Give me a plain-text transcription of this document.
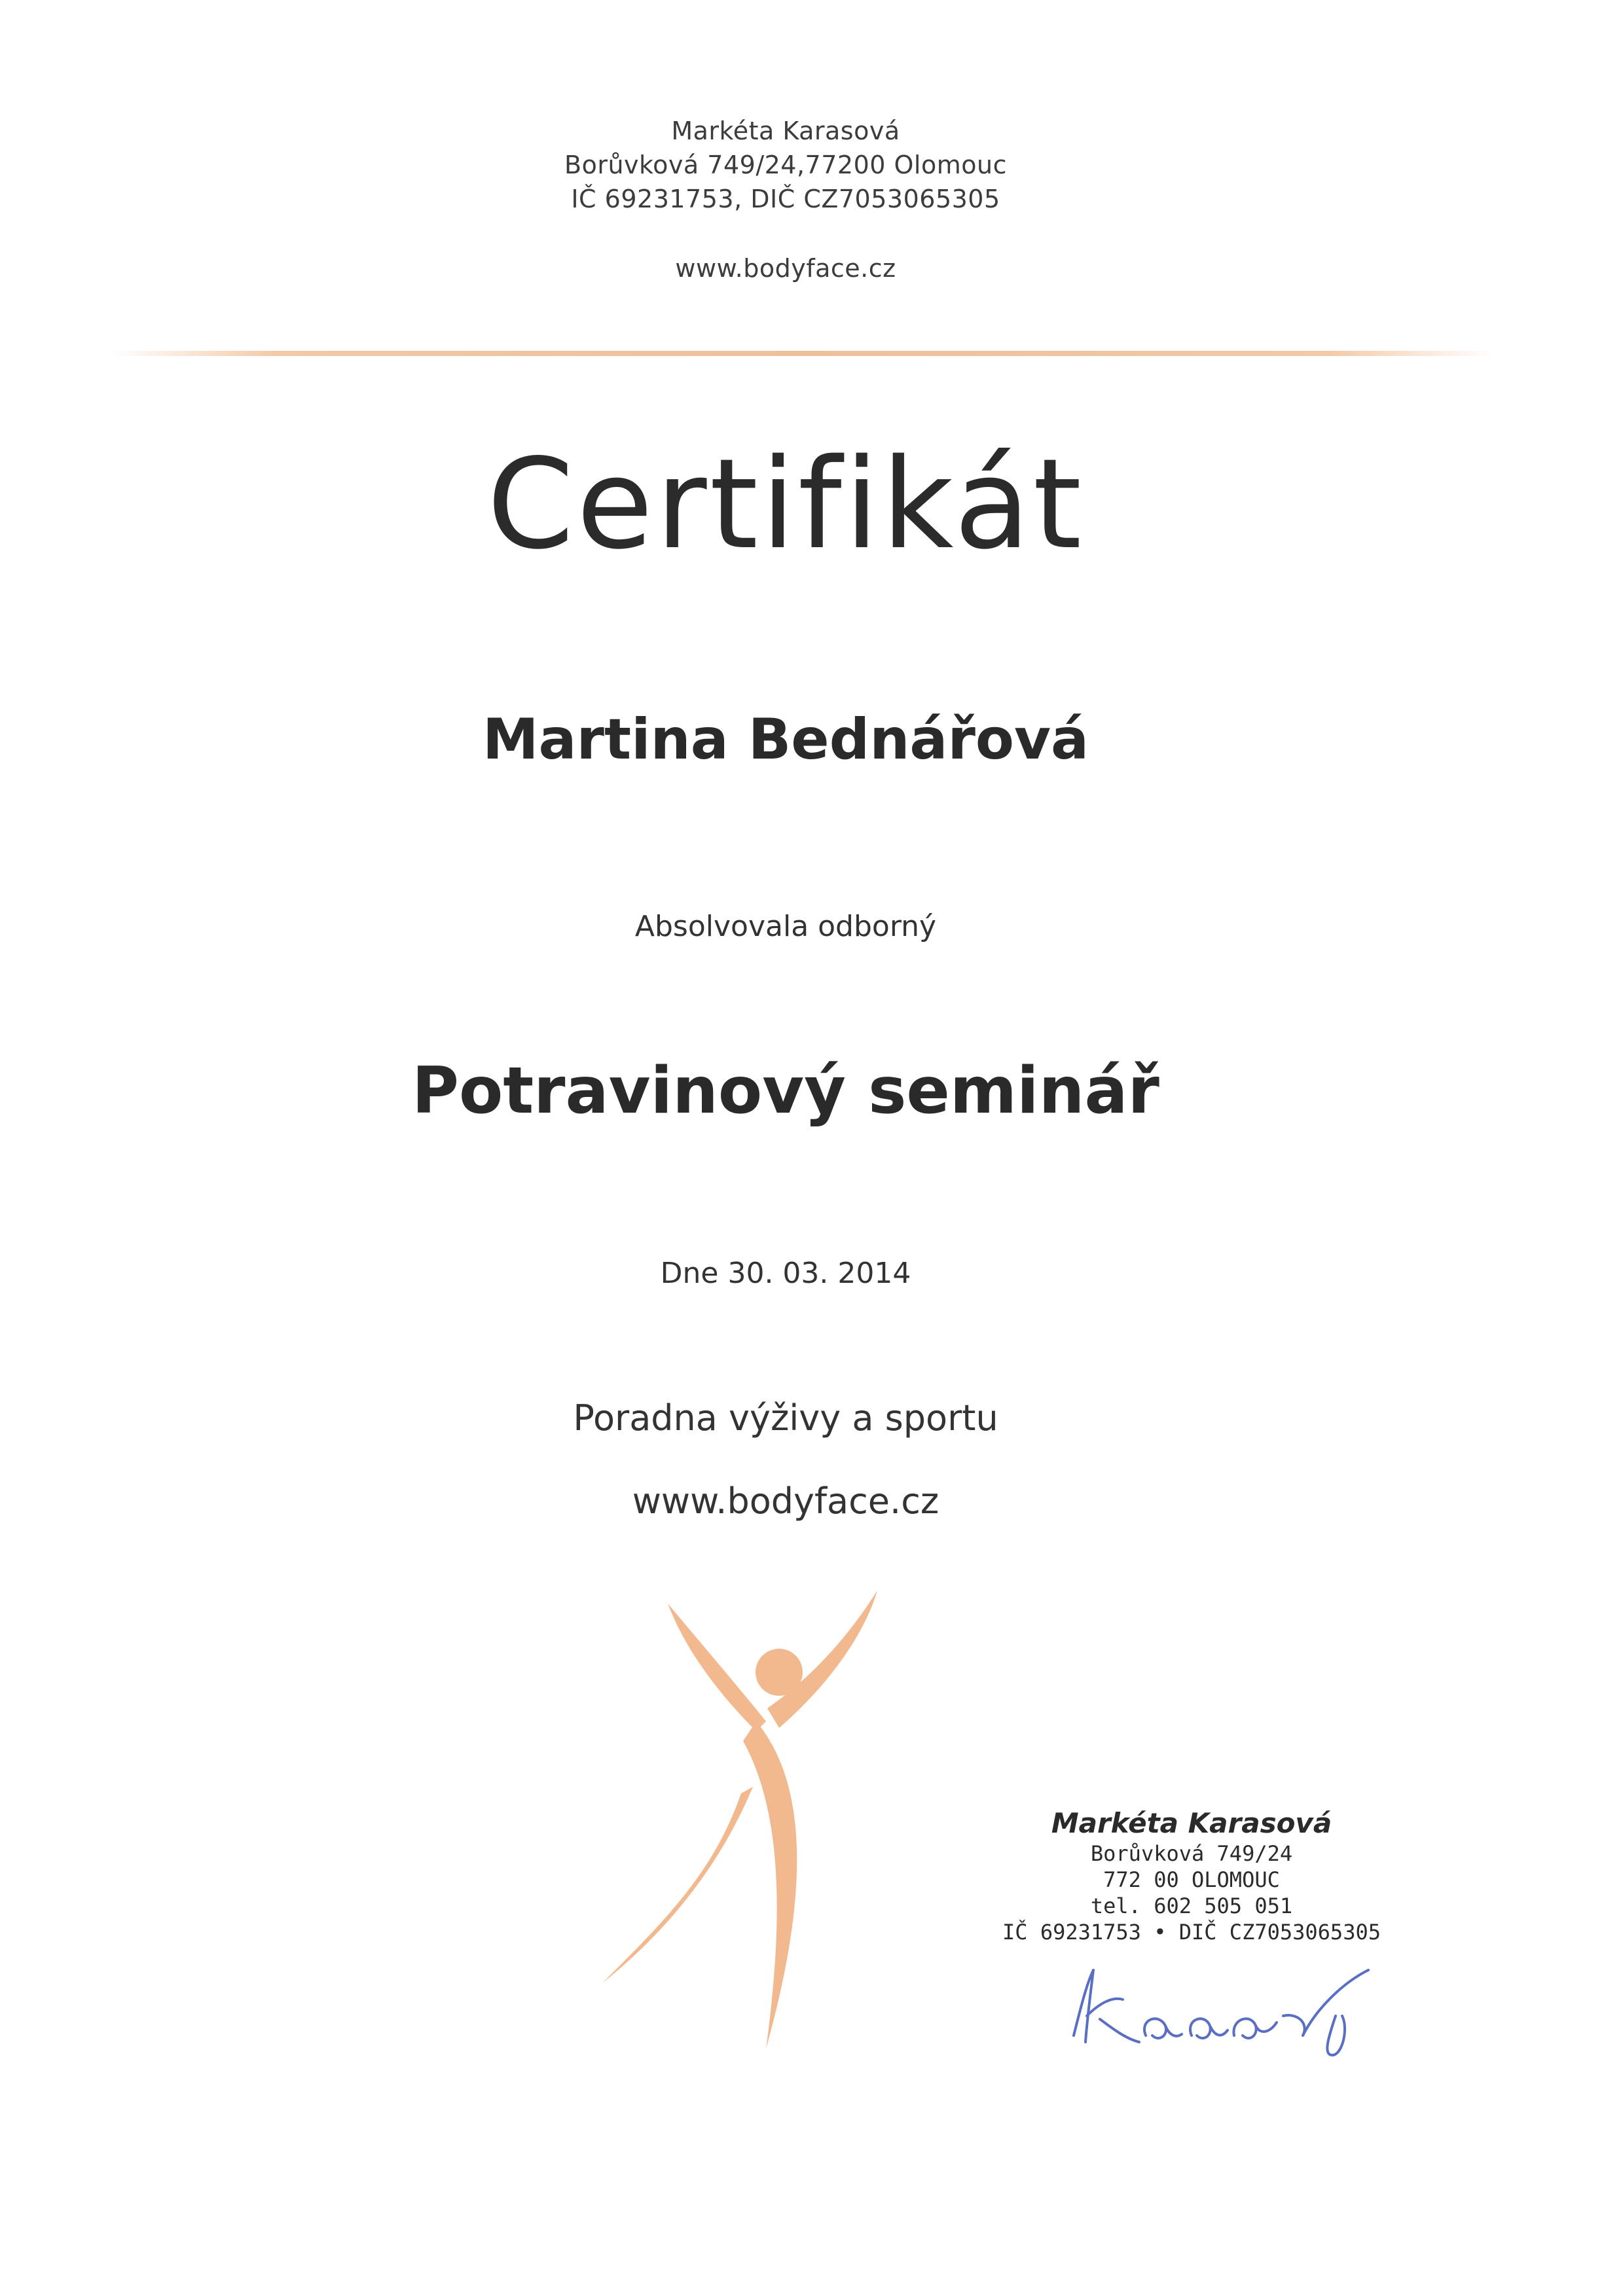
Markéta Karasová
Borůvková 749/24,77200 Olomouc
IČ 69231753, DIČ CZ7053065305
www.bodyface.cz
Certifikát
Martina Bednářová
Absolvovala odborný
Potravinový seminář
Dne 30. 03. 2014
Poradna výživy a sportu
www.bodyface.cz
Markéta Karasová
Borůvková 749/24
772 00 OLOMOUC
tel. 602 505 051
IČ 69231753 • DIČ CZ7053065305
